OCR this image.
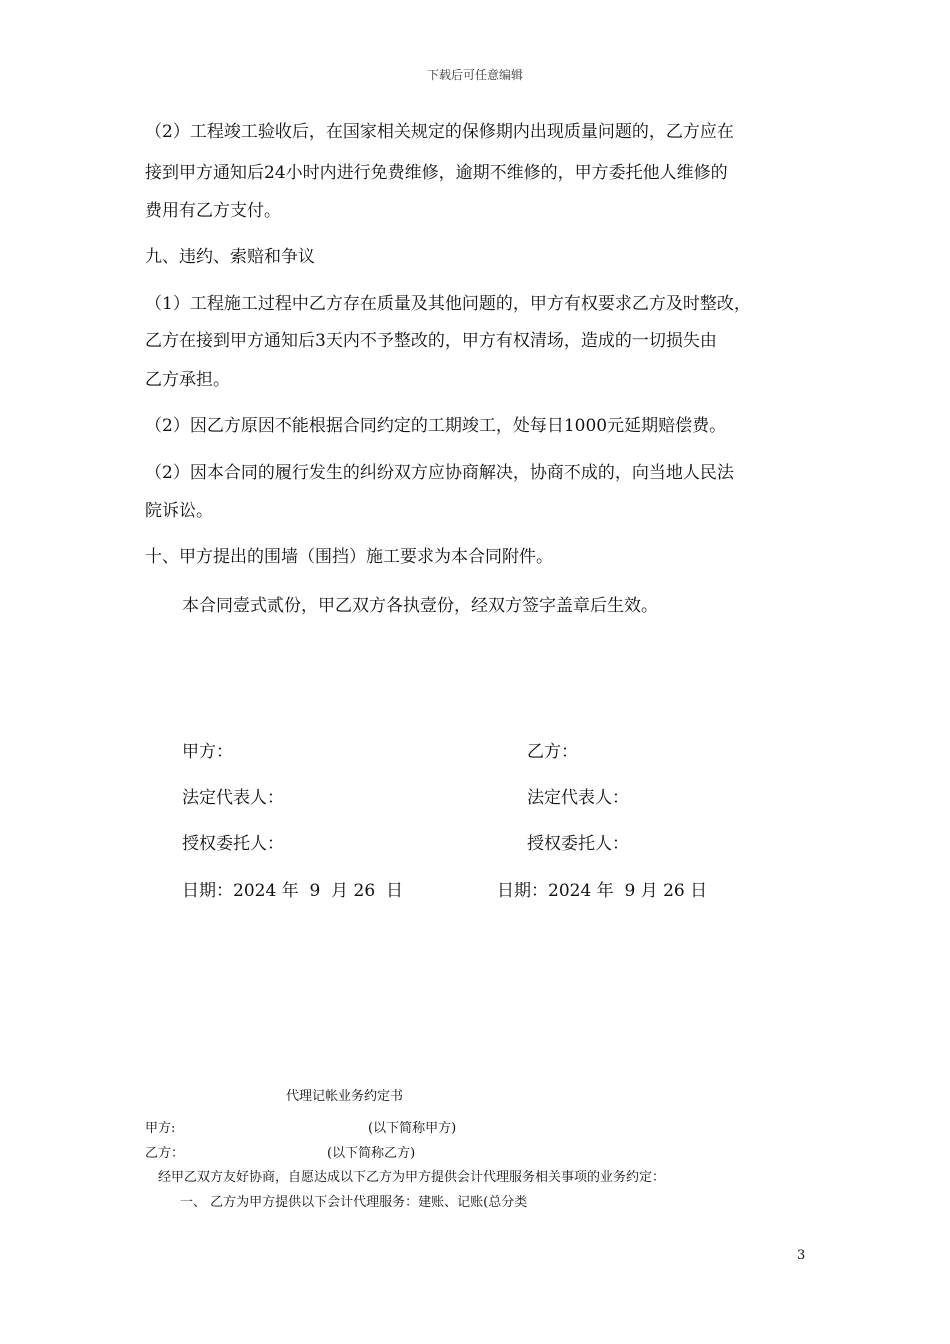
下载后可任意编辑

（2）工程竣工验收后，在国家相关规定的保修期内出现质量问题的，乙方应在

接到甲方通知后24小时内进行免费维修，逾期不维修的，甲方委托他人维修的

费用有乙方支付。

九、违约、索赔和争议

（1）工程施工过程中乙方存在质量及其他问题的，甲方有权要求乙方及时整改，

乙方在接到甲方通知后3天内不予整改的，甲方有权清场，造成的一切损失由

乙方承担。

（2）因乙方原因不能根据合同约定的工期竣工，处每日1000元延期赔偿费。

（2）因本合同的履行发生的纠纷双方应协商解决，协商不成的，向当地人民法

院诉讼。

十、甲方提出的围墙（围挡）施工要求为本合同附件。

本合同壹式贰份，甲乙双方各执壹份，经双方签字盖章后生效。

甲方：
法定代表人：
授权委托人：
日期：2024 年  9  月 26  日
乙方：
法定代表人：
授权委托人：
日期：2024 年  9 月 26 日
代理记帐业务约定书
甲方:	(以下简称甲方)
乙方：	(以下简称乙方)
经甲乙双方友好协商，自愿达成以下乙方为甲方提供会计代理服务相关事项的业务约定：
一、 乙方为甲方提供以下会计代理服务：建账、记账(总分类
3
